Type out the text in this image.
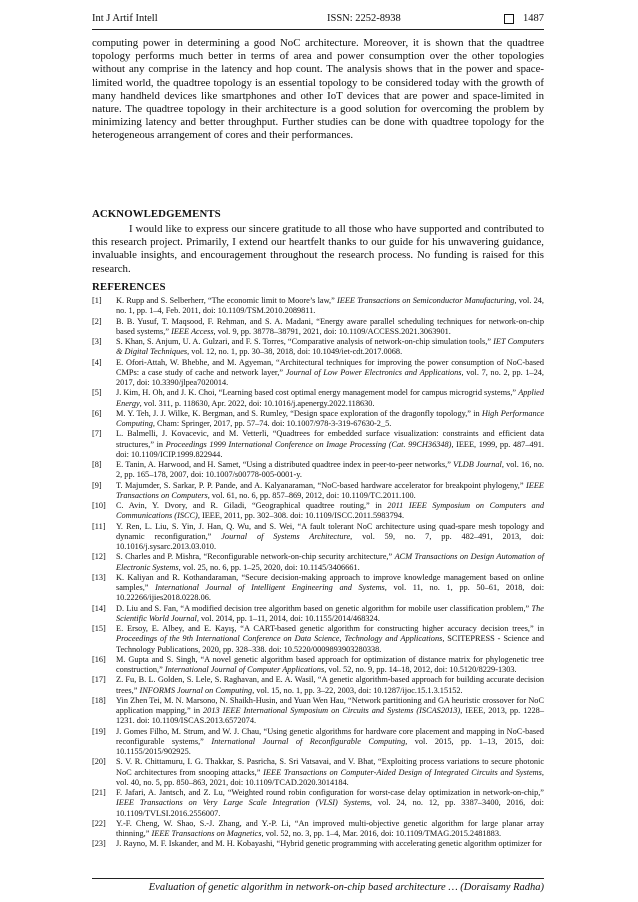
Int J Artif Intell	ISSN: 2252-8938	1487

computing power in determining a good NoC architecture. Moreover, it is shown that the quadtree topology performs much better in terms of area and power consumption over the other topologies without any comprise in the latency and hop count. The analysis shows that in the power and space-limited world, the quadtree topology is an essential topology to be considered today with the growth of many handheld devices like smartphones and other IoT devices that are power and space-limited in nature. The quadtree topology in their architecture is a good solution for overcoming the problem by minimizing latency and better throughput. Further studies can be done with quadtree topology for the heterogeneous arrangement of cores and their performances.

ACKNOWLEDGEMENTS

I would like to express our sincere gratitude to all those who have supported and contributed to this research project. Primarily, I extend our heartfelt thanks to our guide for his unwavering guidance, invaluable insights, and encouragement throughout the research process. No funding is raised for this research.

REFERENCES

[1] K. Rupp and S. Selberherr, “The economic limit to Moore’s law,” IEEE Transactions on Semiconductor Manufacturing, vol. 24, no. 1, pp. 1–4, Feb. 2011, doi: 10.1109/TSM.2010.2089811.

[2] B. B. Yusuf, T. Maqsood, F. Rehman, and S. A. Madani, “Energy aware parallel scheduling techniques for network-on-chip based systems,” IEEE Access, vol. 9, pp. 38778–38791, 2021, doi: 10.1109/ACCESS.2021.3063901.

[3] S. Khan, S. Anjum, U. A. Gulzari, and F. S. Torres, “Comparative analysis of network-on-chip simulation tools,” IET Computers & Digital Techniques, vol. 12, no. 1, pp. 30–38, 2018, doi: 10.1049/iet-cdt.2017.0068.

[4] E. Ofori-Attah, W. Bhebhe, and M. Agyeman, “Architectural techniques for improving the power consumption of NoC-based CMPs: a case study of cache and network layer,” Journal of Low Power Electronics and Applications, vol. 7, no. 2, pp. 1–24, 2017, doi: 10.3390/jlpea7020014.

[5] J. Kim, H. Oh, and J. K. Choi, “Learning based cost optimal energy management model for campus microgrid systems,” Applied Energy, vol. 311, p. 118630, Apr. 2022, doi: 10.1016/j.apenergy.2022.118630.

[6] M. Y. Teh, J. J. Wilke, K. Bergman, and S. Rumley, “Design space exploration of the dragonfly topology,” in High Performance Computing, Cham: Springer, 2017, pp. 57–74. doi: 10.1007/978-3-319-67630-2_5.

[7] L. Balmelli, J. Kovacevic, and M. Vetterli, “Quadtrees for embedded surface visualization: constraints and efficient data structures,” in Proceedings 1999 International Conference on Image Processing (Cat. 99CH36348), IEEE, 1999, pp. 487–491. doi: 10.1109/ICIP.1999.822944.

[8] E. Tanin, A. Harwood, and H. Samet, “Using a distributed quadtree index in peer-to-peer networks,” VLDB Journal, vol. 16, no. 2, pp. 165–178, 2007, doi: 10.1007/s00778-005-0001-y.

[9] T. Majumder, S. Sarkar, P. P. Pande, and A. Kalyanaraman, “NoC-based hardware accelerator for breakpoint phylogeny,” IEEE Transactions on Computers, vol. 61, no. 6, pp. 857–869, 2012, doi: 10.1109/TC.2011.100.

[10] C. Avin, Y. Dvory, and R. Giladi, “Geographical quadtree routing,” in 2011 IEEE Symposium on Computers and Communications (ISCC), IEEE, 2011, pp. 302–308. doi: 10.1109/ISCC.2011.5983794.

[11] Y. Ren, L. Liu, S. Yin, J. Han, Q. Wu, and S. Wei, “A fault tolerant NoC architecture using quad-spare mesh topology and dynamic reconfiguration,” Journal of Systems Architecture, vol. 59, no. 7, pp. 482–491, 2013, doi: 10.1016/j.sysarc.2013.03.010.

[12] S. Charles and P. Mishra, “Reconfigurable network-on-chip security architecture,” ACM Transactions on Design Automation of Electronic Systems, vol. 25, no. 6, pp. 1–25, 2020, doi: 10.1145/3406661.

[13] K. Kaliyan and R. Kothandaraman, “Secure decision-making approach to improve knowledge management based on online samples,” International Journal of Intelligent Engineering and Systems, vol. 11, no. 1, pp. 50–61, 2018, doi: 10.22266/ijies2018.0228.06.

[14] D. Liu and S. Fan, “A modified decision tree algorithm based on genetic algorithm for mobile user classification problem,” The Scientific World Journal, vol. 2014, pp. 1–11, 2014, doi: 10.1155/2014/468324.

[15] E. Ersoy, E. Albey, and E. Kayış, “A CART-based genetic algorithm for constructing higher accuracy decision trees,” in Proceedings of the 9th International Conference on Data Science, Technology and Applications, SCITEPRESS - Science and Technology Publications, 2020, pp. 328–338. doi: 10.5220/0009893903280338.

[16] M. Gupta and S. Singh, “A novel genetic algorithm based approach for optimization of distance matrix for phylogenetic tree construction,” International Journal of Computer Applications, vol. 52, no. 9, pp. 14–18, 2012, doi: 10.5120/8229-1303.

[17] Z. Fu, B. L. Golden, S. Lele, S. Raghavan, and E. A. Wasil, “A genetic algorithm-based approach for building accurate decision trees,” INFORMS Journal on Computing, vol. 15, no. 1, pp. 3–22, 2003, doi: 10.1287/ijoc.15.1.3.15152.

[18] Yin Zhen Tei, M. N. Marsono, N. Shaikh-Husin, and Yuan Wen Hau, “Network partitioning and GA heuristic crossover for NoC application mapping,” in 2013 IEEE International Symposium on Circuits and Systems (ISCAS2013), IEEE, 2013, pp. 1228–1231. doi: 10.1109/ISCAS.2013.6572074.

[19] J. Gomes Filho, M. Strum, and W. J. Chau, “Using genetic algorithms for hardware core placement and mapping in NoC-based reconfigurable systems,” International Journal of Reconfigurable Computing, vol. 2015, pp. 1–13, 2015, doi: 10.1155/2015/902925.

[20] S. V. R. Chittamuru, I. G. Thakkar, S. Pasricha, S. Sri Vatsavai, and V. Bhat, “Exploiting process variations to secure photonic NoC architectures from snooping attacks,” IEEE Transactions on Computer-Aided Design of Integrated Circuits and Systems, vol. 40, no. 5, pp. 850–863, 2021, doi: 10.1109/TCAD.2020.3014184.

[21] F. Jafari, A. Jantsch, and Z. Lu, “Weighted round robin configuration for worst-case delay optimization in network-on-chip,” IEEE Transactions on Very Large Scale Integration (VLSI) Systems, vol. 24, no. 12, pp. 3387–3400, 2016, doi: 10.1109/TVLSI.2016.2556007.

[22] Y.-F. Cheng, W. Shao, S.-J. Zhang, and Y.-P. Li, “An improved multi-objective genetic algorithm for large planar array thinning,” IEEE Transactions on Magnetics, vol. 52, no. 3, pp. 1–4, Mar. 2016, doi: 10.1109/TMAG.2015.2481883.

[23] J. Rayno, M. F. Iskander, and M. H. Kobayashi, “Hybrid genetic programming with accelerating genetic algorithm optimizer for

Evaluation of genetic algorithm in network-on-chip based architecture … (Doraisamy Radha)
